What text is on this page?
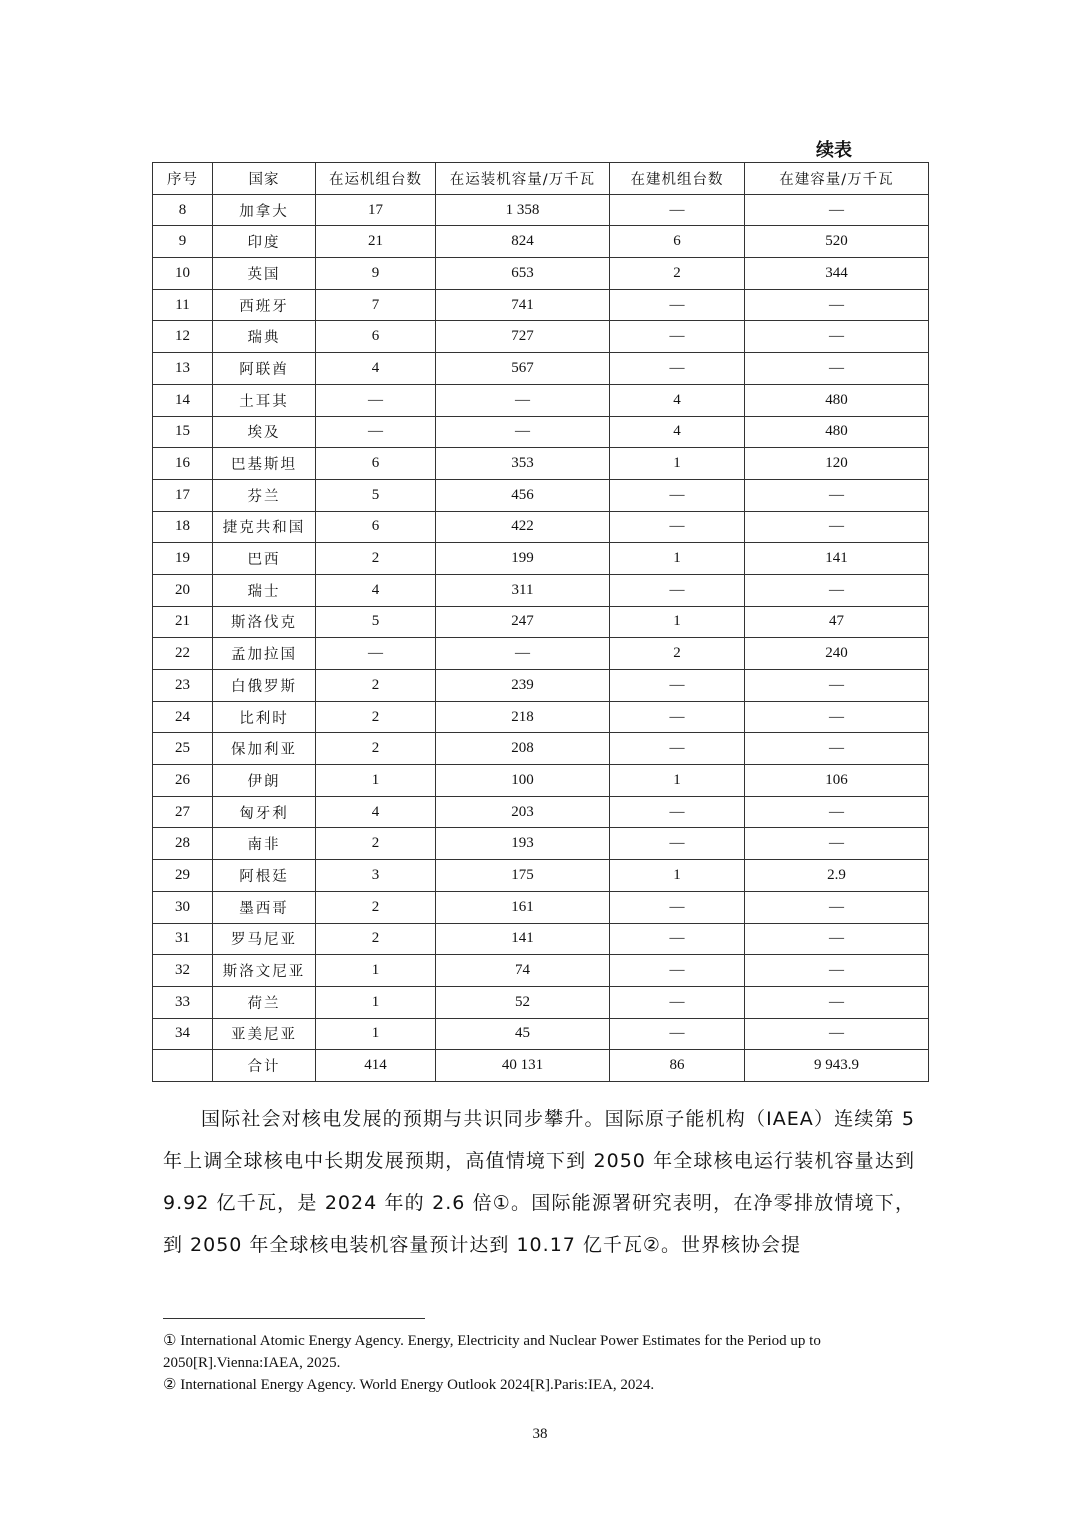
续表
序号	国家	在运机组台数	在运装机容量/万千瓦	在建机组台数	在建容量/万千瓦
8	加拿大	17	1 358	—	—
9	印度	21	824	6	520
10	英国	9	653	2	344
11	西班牙	7	741	—	—
12	瑞典	6	727	—	—
13	阿联酋	4	567	—	—
14	土耳其	—	—	4	480
15	埃及	—	—	4	480
16	巴基斯坦	6	353	1	120
17	芬兰	5	456	—	—
18	捷克共和国	6	422	—	—
19	巴西	2	199	1	141
20	瑞士	4	311	—	—
21	斯洛伐克	5	247	1	47
22	孟加拉国	—	—	2	240
23	白俄罗斯	2	239	—	—
24	比利时	2	218	—	—
25	保加利亚	2	208	—	—
26	伊朗	1	100	1	106
27	匈牙利	4	203	—	—
28	南非	2	193	—	—
29	阿根廷	3	175	1	2.9
30	墨西哥	2	161	—	—
31	罗马尼亚	2	141	—	—
32	斯洛文尼亚	1	74	—	—
33	荷兰	1	52	—	—
34	亚美尼亚	1	45	—	—
	合计	414	40 131	86	9 943.9

国际社会对核电发展的预期与共识同步攀升。国际原子能机构（IAEA）连续第 5 年上调全球核电中长期发展预期，高值情境下到 2050 年全球核电运行装机容量达到 9.92 亿千瓦，是 2024 年的 2.6 倍①。国际能源署研究表明，在净零排放情境下，到 2050 年全球核电装机容量预计达到 10.17 亿千瓦②。世界核协会提

① International Atomic Energy Agency. Energy, Electricity and Nuclear Power Estimates for the Period up to 2050[R].Vienna:IAEA, 2025.
② International Energy Agency. World Energy Outlook 2024[R].Paris:IEA, 2024.
38
